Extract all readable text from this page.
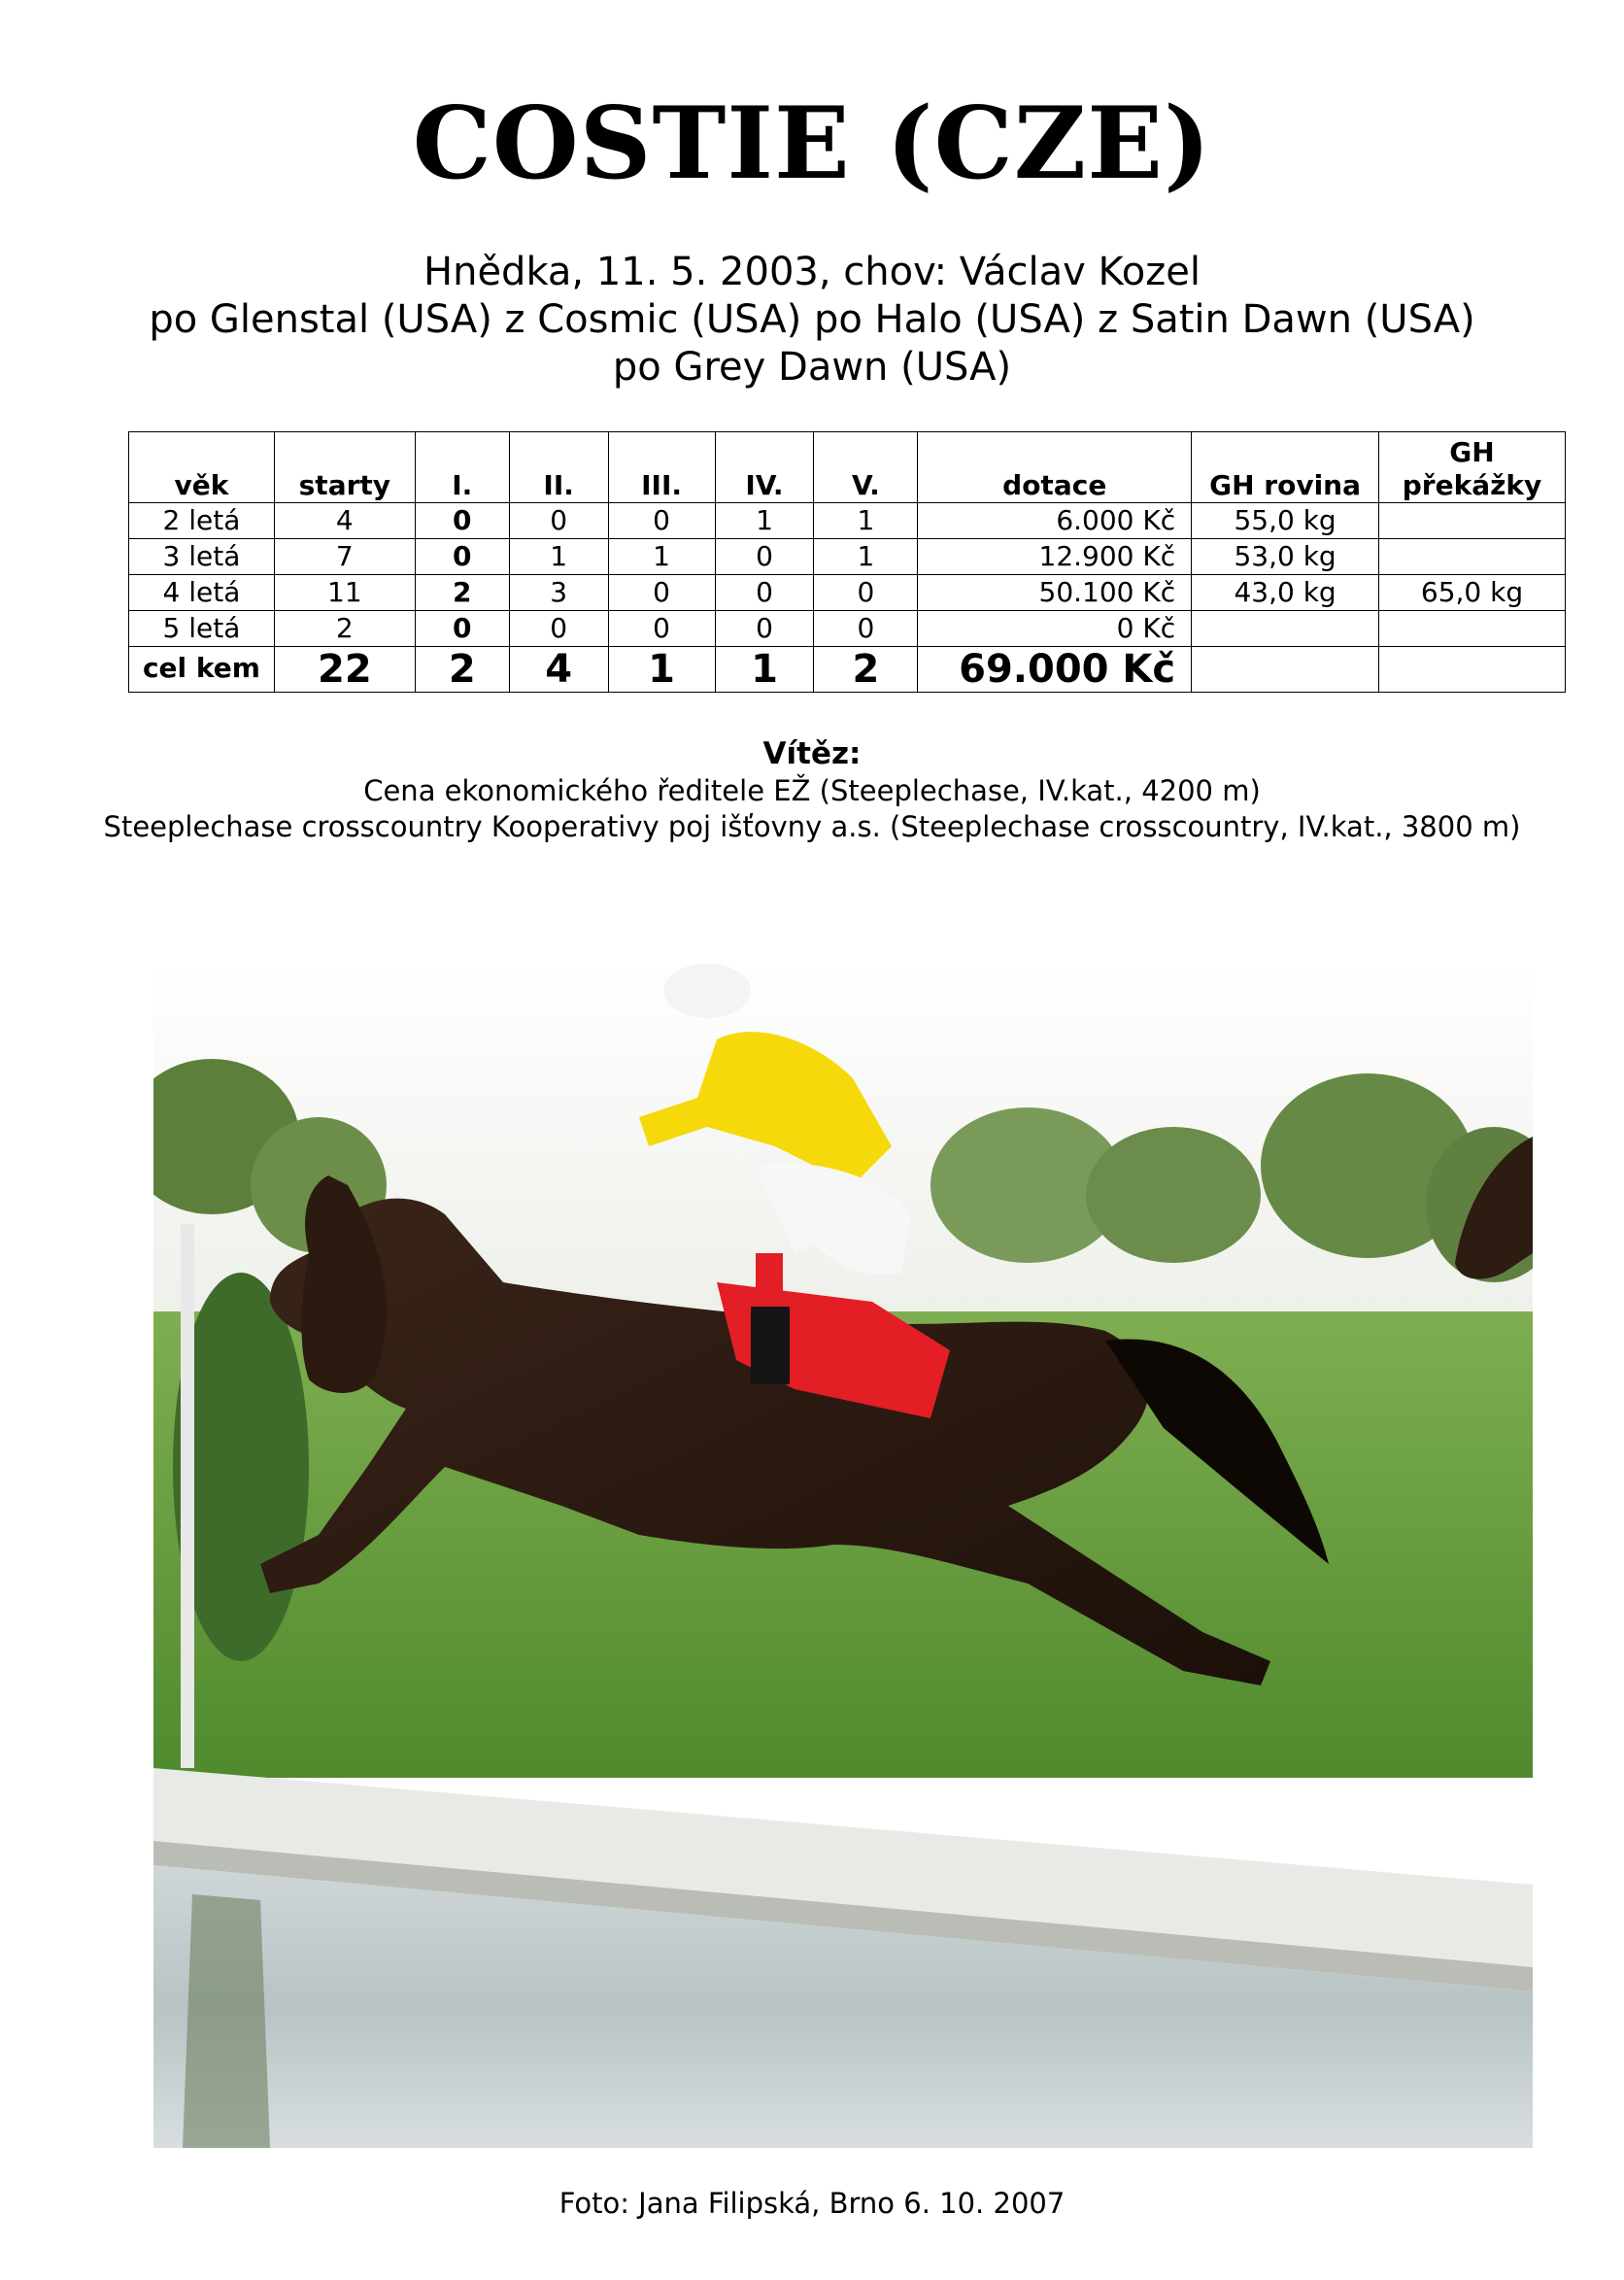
COSTIE (CZE)
Hnědka, 11. 5. 2003, chov: Václav Kozel
po Glenstal (USA) z Cosmic (USA) po Halo (USA) z Satin Dawn (USA)
po Grey Dawn (USA)
věk	starty	I.	II.	III.	IV.	V.	dotace	GH rovina	GH překážky
2 letá	4	0	0	0	1	1	6.000 Kč	55,0 kg	
3 letá	7	0	1	1	0	1	12.900 Kč	53,0 kg	
4 letá	11	2	3	0	0	0	50.100 Kč	43,0 kg	65,0 kg
5 letá	2	0	0	0	0	0	0 Kč		
cel kem	22	2	4	1	1	2	69.000 Kč		
Vítěz:
Cena ekonomického ředitele EŽ (Steeplechase, IV.kat., 4200 m)
Steeplechase crosscountry Kooperativy poj išťovny a.s. (Steeplechase crosscountry, IV.kat., 3800 m)
Foto: Jana Filipská, Brno 6. 10. 2007
